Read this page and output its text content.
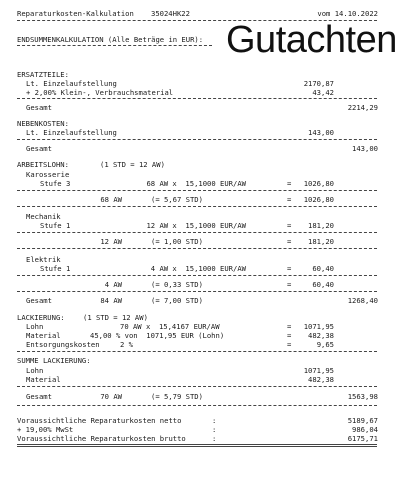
Reparaturkosten-Kalkulation 35024HK22	vom 14.10.2022
ENDSUMMENKALKULATION (Alle Beträge in EUR): Gutachten
ERSATZTEILE:
Lt. Einzelaufstellung	2170,87
+ 2,00% Klein-, Verbrauchsmaterial	43,42
Gesamt	2214,29
NEBENKOSTEN:
Lt. Einzelaufstellung	143,00
Gesamt	143,00
ARBEITSLOHN:	(1 STD = 12 AW)
Karosserie
Stufe 3	68 AW x  15,1000 EUR/AW	= 1026,80
68 AW	(= 5,67 STD)	= 1026,80
Mechanik
Stufe 1	12 AW x  15,1000 EUR/AW	= 181,20
12 AW	(= 1,00 STD)	= 181,20
Elektrik
Stufe 1	4 AW x  15,1000 EUR/AW	=	60,40
4 AW	(= 0,33 STD)	=	60,40
Gesamt	84 AW	(= 7,00 STD)	1268,40
LACKIERUNG:	(1 STD = 12 AW)
Lohn	70 AW x  15,4167 EUR/AW	= 1071,95
Material	45,00 % von  1071,95 EUR (Lohn)	= 482,38
Entsorgungskosten	2 %	=	9,65
SUMME LACKIERUNG:
Lohn	1071,95
Material	482,38
Gesamt	70 AW	(= 5,79 STD)	1563,98
Voraussichtliche Reparaturkosten netto	:	5189,67
+ 19,00% MwSt	:	986,04
Voraussichtliche Reparaturkosten brutto	:	6175,71
